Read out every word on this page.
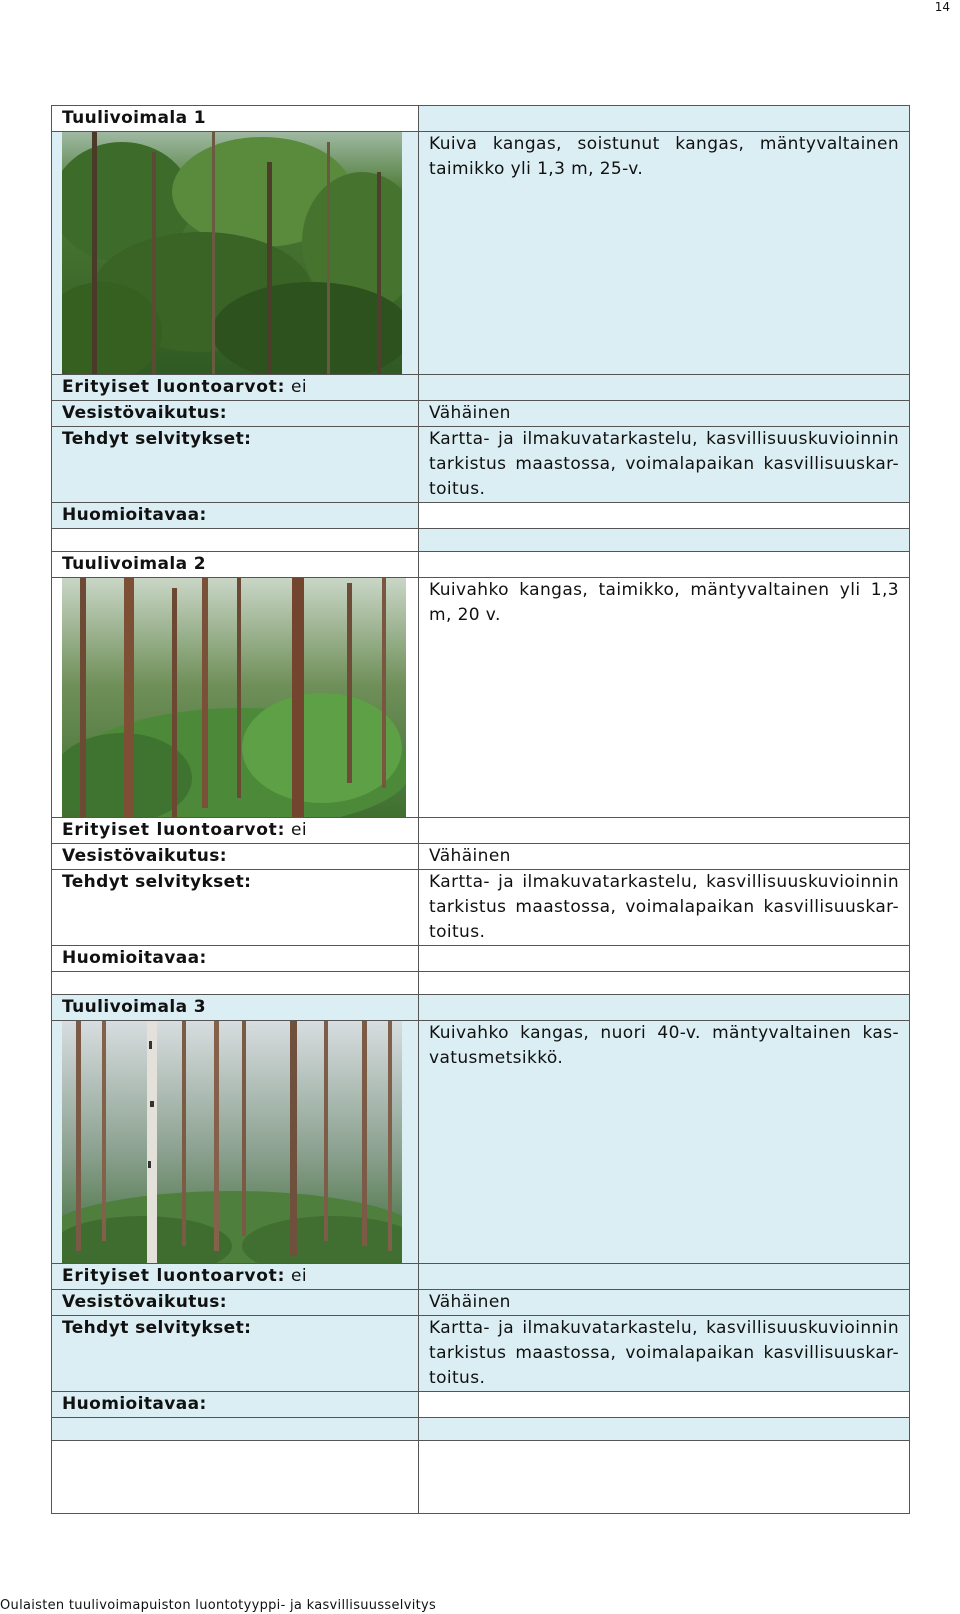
14
Tuulivoimala 1	

	Kuiva kangas, soistunut kangas, mäntyvaltainen taimikko yli 1,3 m, 25-v.
Erityiset luontoarvot: ei	
Vesistövaikutus:	Vähäinen
Tehdyt selvitykset:	Kartta- ja ilmakuvatarkastelu, kasvillisuuskuvioinnin tarkistus maastossa, voimalapaikan kasvillisuuskar-toitus.
Huomioitavaa:	

Tuulivoimala 2	

	Kuivahko kangas, taimikko, mäntyvaltainen yli 1,3 m, 20 v.
Erityiset luontoarvot: ei	
Vesistövaikutus:	Vähäinen
Tehdyt selvitykset:	Kartta- ja ilmakuvatarkastelu, kasvillisuuskuvioinnin tarkistus maastossa, voimalapaikan kasvillisuuskar-toitus.
Huomioitavaa:	

Tuulivoimala 3	

	Kuivahko kangas, nuori 40-v. mäntyvaltainen kas-vatusmetsikkö.
Erityiset luontoarvot: ei	
Vesistövaikutus:	Vähäinen
Tehdyt selvitykset:	Kartta- ja ilmakuvatarkastelu, kasvillisuuskuvioinnin tarkistus maastossa, voimalapaikan kasvillisuuskar-toitus.
Huomioitavaa:	

Oulaisten tuulivoimapuiston luontotyyppi- ja kasvillisuusselvitys
